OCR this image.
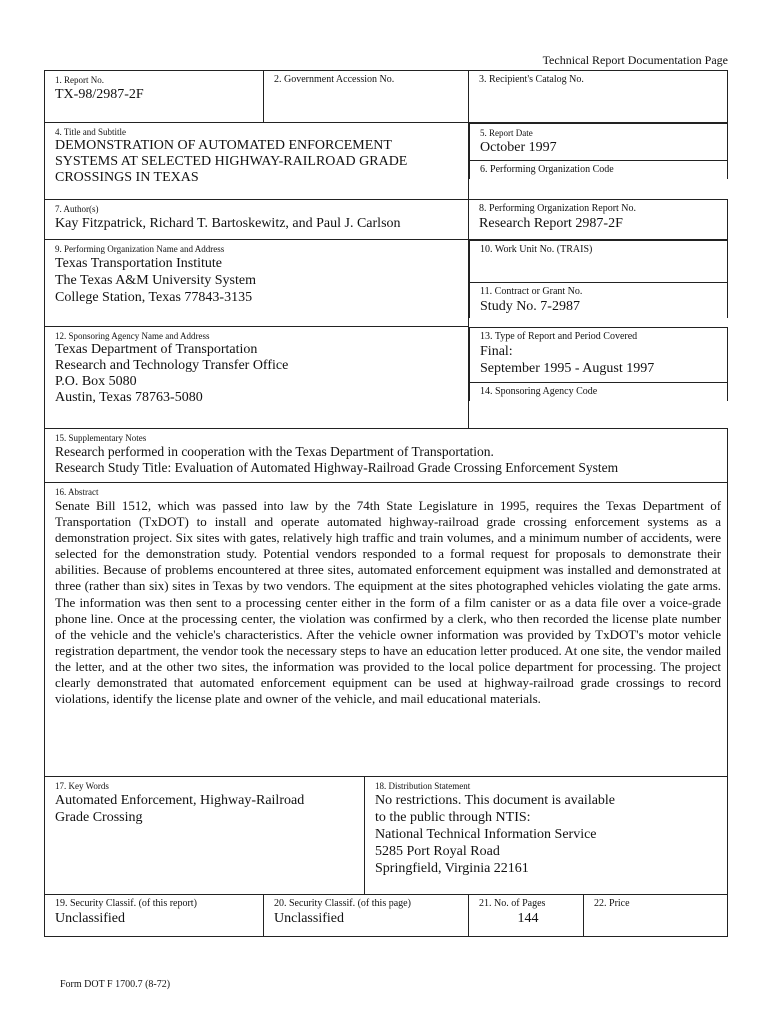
Technical Report Documentation Page
1. Report No.
TX-98/2987-2F

2. Government Accession No.	3. Recipient's Catalog No.

4. Title and Subtitle
DEMONSTRATION OF AUTOMATED ENFORCEMENT
SYSTEMS AT SELECTED HIGHWAY-RAILROAD GRADE
CROSSINGS IN TEXAS

5. Report Date
October 1997

6. Performing Organization Code

7. Author(s)
Kay Fitzpatrick, Richard T. Bartoskewitz, and Paul J. Carlson

8. Performing Organization Report No.
Research Report 2987-2F

9. Performing Organization Name and Address
Texas Transportation Institute
The Texas A&M University System
College Station, Texas 77843-3135

10. Work Unit No. (TRAIS)

11. Contract or Grant No.
Study No. 7-2987

12. Sponsoring Agency Name and Address
Texas Department of Transportation
Research and Technology Transfer Office
P.O. Box 5080
Austin, Texas 78763-5080

13. Type of Report and Period Covered
Final:
September 1995 - August 1997

14. Sponsoring Agency Code

15. Supplementary Notes
Research performed in cooperation with the Texas Department of Transportation.
Research Study Title: Evaluation of Automated Highway-Railroad Grade Crossing Enforcement System

16. Abstract
Senate Bill 1512, which was passed into law by the 74th State Legislature in 1995, requires the Texas Department of Transportation (TxDOT) to install and operate automated highway-railroad grade crossing enforcement systems as a demonstration project. Six sites with gates, relatively high traffic and train volumes, and a minimum number of accidents, were selected for the demonstration study. Potential vendors responded to a formal request for proposals to demonstrate their abilities. Because of problems encountered at three sites, automated enforcement equipment was installed and demonstrated at three (rather than six) sites in Texas by two vendors. The equipment at the sites photographed vehicles violating the gate arms. The information was then sent to a processing center either in the form of a film canister or as a data file over a voice-grade phone line. Once at the processing center, the violation was confirmed by a clerk, who then recorded the license plate number of the vehicle and the vehicle's characteristics. After the vehicle owner information was provided by TxDOT's motor vehicle registration department, the vendor took the necessary steps to have an education letter produced. At one site, the vendor mailed the letter, and at the other two sites, the information was provided to the local police department for processing. The project clearly demonstrated that automated enforcement equipment can be used at highway-railroad grade crossings to record violations, identify the license plate and owner of the vehicle, and mail educational materials.

17. Key Words
Automated Enforcement, Highway-Railroad
Grade Crossing

18. Distribution Statement
No restrictions. This document is available
to the public through NTIS:
National Technical Information Service
5285 Port Royal Road
Springfield, Virginia 22161

19. Security Classif. (of this report)
Unclassified

20. Security Classif. (of this page)
Unclassified

21. No. of Pages
144

22. Price
Form DOT F 1700.7 (8-72)
